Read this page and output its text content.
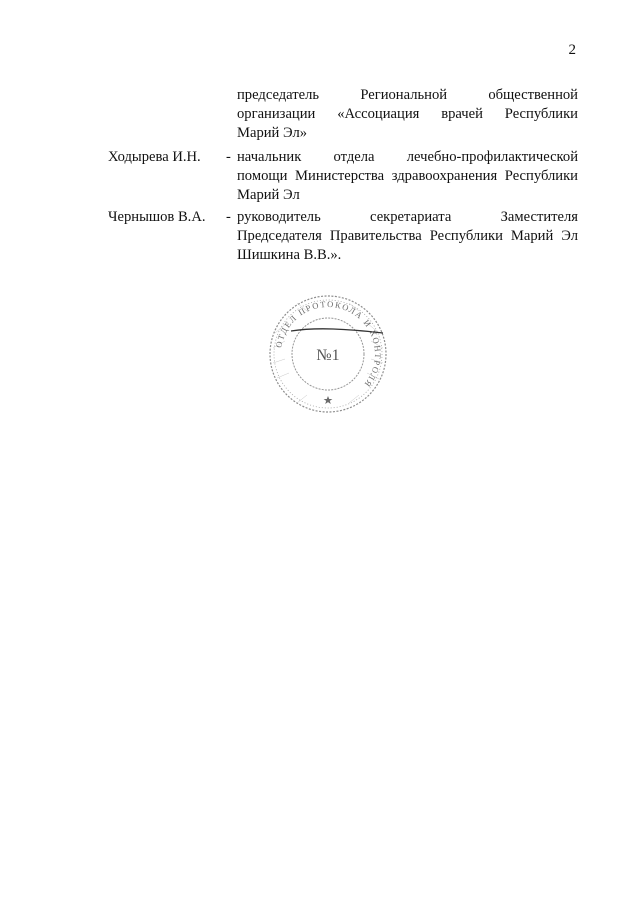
2
председатель Региональной общественной
организации «Ассоциация врачей Республики
Марий Эл»
Ходырева И.Н. - начальник отдела лечебно-профилактической
помощи Министерства здравоохранения Республики
Марий Эл
Чернышов В.А. - руководитель секретариата Заместителя
Председателя Правительства Республики Марий Эл
Шишкина В.В.».
ОТДЕЛ ПРОТОКОЛА И КОНТРОЛЯ
№1
